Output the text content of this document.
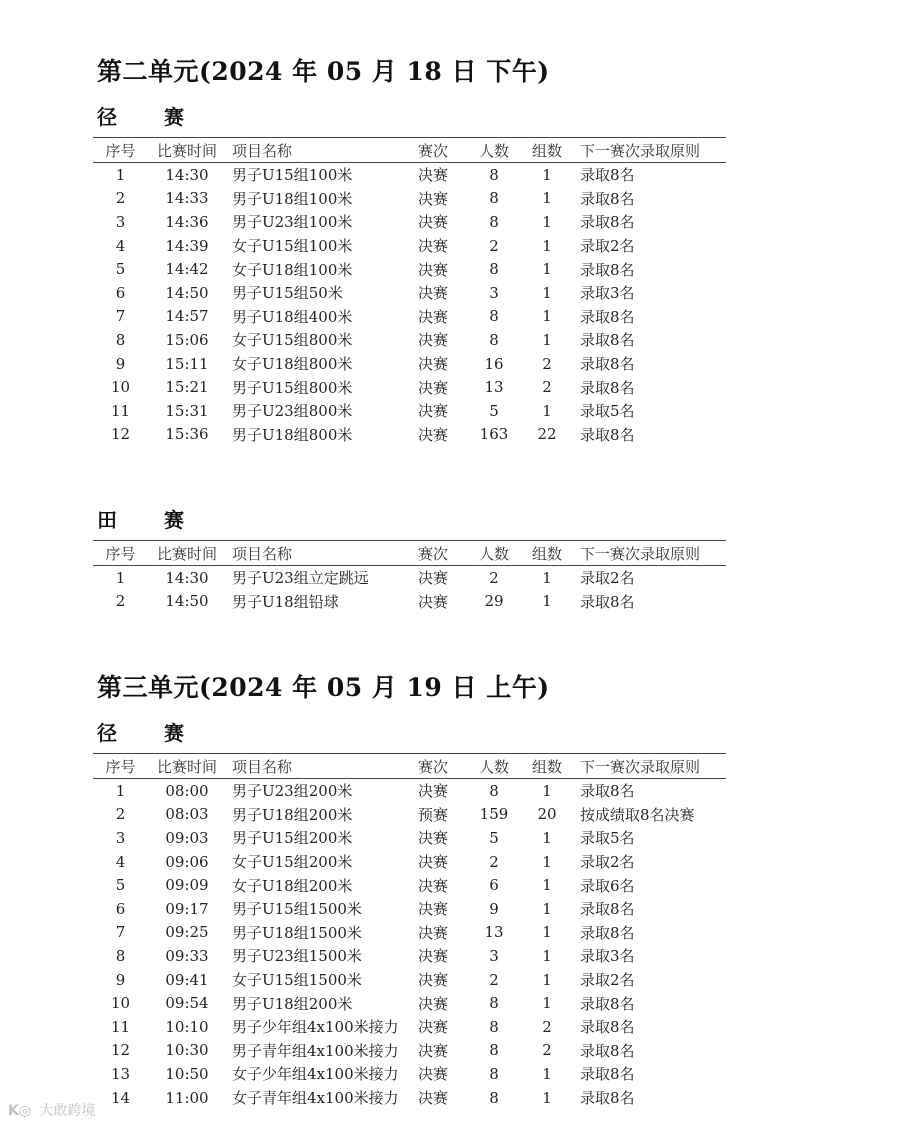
第二单元(2024 年 05 月 18 日 下午)
径 赛
序号	比赛时间	项目名称	赛次	人数	组数	下一赛次录取原则
1	14:30	男子U15组100米	决赛	8	1	录取8名
2	14:33	男子U18组100米	决赛	8	1	录取8名
3	14:36	男子U23组100米	决赛	8	1	录取8名
4	14:39	女子U15组100米	决赛	2	1	录取2名
5	14:42	女子U18组100米	决赛	8	1	录取8名
6	14:50	男子U15组50米	决赛	3	1	录取3名
7	14:57	男子U18组400米	决赛	8	1	录取8名
8	15:06	女子U15组800米	决赛	8	1	录取8名
9	15:11	女子U18组800米	决赛	16	2	录取8名
10	15:21	男子U15组800米	决赛	13	2	录取8名
11	15:31	男子U23组800米	决赛	5	1	录取5名
12	15:36	男子U18组800米	决赛	163	22	录取8名
田 赛
序号	比赛时间	项目名称	赛次	人数	组数	下一赛次录取原则
1	14:30	男子U23组立定跳远	决赛	2	1	录取2名
2	14:50	男子U18组铅球	决赛	29	1	录取8名
第三单元(2024 年 05 月 19 日 上午)
径 赛
序号	比赛时间	项目名称	赛次	人数	组数	下一赛次录取原则
1	08:00	男子U23组200米	决赛	8	1	录取8名
2	08:03	男子U18组200米	预赛	159	20	按成绩取8名决赛
3	09:03	男子U15组200米	决赛	5	1	录取5名
4	09:06	女子U15组200米	决赛	2	1	录取2名
5	09:09	女子U18组200米	决赛	6	1	录取6名
6	09:17	男子U15组1500米	决赛	9	1	录取8名
7	09:25	男子U18组1500米	决赛	13	1	录取8名
8	09:33	男子U23组1500米	决赛	3	1	录取3名
9	09:41	女子U15组1500米	决赛	2	1	录取2名
10	09:54	男子U18组200米	决赛	8	1	录取8名
11	10:10	男子少年组4x100米接力	决赛	8	2	录取8名
12	10:30	男子青年组4x100米接力	决赛	8	2	录取8名
13	10:50	女子少年组4x100米接力	决赛	8	1	录取8名
14	11:00	女子青年组4x100米接力	决赛	8	1	录取8名
K◎ 大敢跨境
